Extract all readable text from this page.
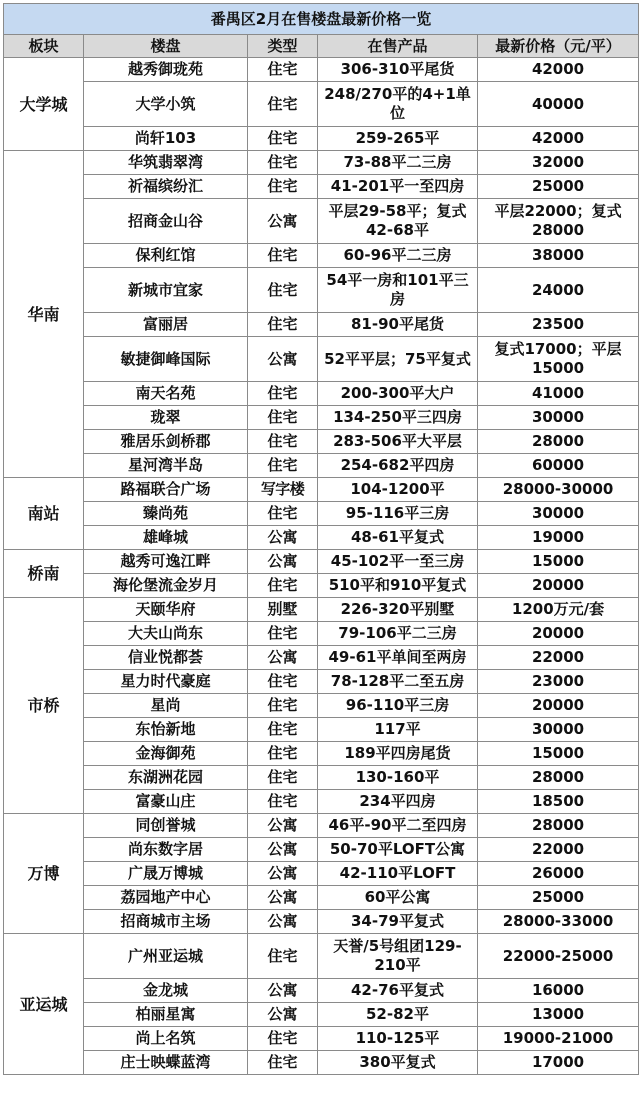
番禺区2月在售楼盘最新价格一览				
板块	楼盘	类型	在售产品	最新价格（元/平）
大学城	越秀御珑苑	住宅	306-310平尾货	42000
	大学小筑	住宅	248/270平的4+1单位	40000
	尚轩103	住宅	259-265平	42000
华南	华筑翡翠湾	住宅	73-88平二三房	32000
	祈福缤纷汇	住宅	41-201平一至四房	25000
	招商金山谷	公寓	平层29-58平；复式42-68平	平层22000；复式28000
	保利红馆	住宅	60-96平二三房	38000
	新城市宜家	住宅	54平一房和101平三房	24000
	富丽居	住宅	81-90平尾货	23500
	敏捷御峰国际	公寓	52平平层；75平复式	复式17000；平层15000
	南天名苑	住宅	200-300平大户	41000
	珑翠	住宅	134-250平三四房	30000
	雅居乐剑桥郡	住宅	283-506平大平层	28000
	星河湾半岛	住宅	254-682平四房	60000
南站	路福联合广场	写字楼	104-1200平	28000-30000
	臻尚苑	住宅	95-116平三房	30000
	雄峰城	公寓	48-61平复式	19000
桥南	越秀可逸江畔	公寓	45-102平一至三房	15000
	海伦堡流金岁月	住宅	510平和910平复式	20000
市桥	天颐华府	别墅	226-320平别墅	1200万元/套
	大夫山尚东	住宅	79-106平二三房	20000
	信业悦都荟	公寓	49-61平单间至两房	22000
	星力时代豪庭	住宅	78-128平二至五房	23000
	星尚	住宅	96-110平三房	20000
	东怡新地	住宅	117平	30000
	金海御苑	住宅	189平四房尾货	15000
	东湖洲花园	住宅	130-160平	28000
	富豪山庄	住宅	234平四房	18500
万博	同创誉城	公寓	46平-90平二至四房	28000
	尚东数字居	公寓	50-70平LOFT公寓	22000
	广晟万博城	公寓	42-110平LOFT	26000
	荔园地产中心	公寓	60平公寓	25000
	招商城市主场	公寓	34-79平复式	28000-33000
亚运城	广州亚运城	住宅	天誉/5号组团129-210平	22000-25000
	金龙城	公寓	42-76平复式	16000
	柏丽星寓	公寓	52-82平	13000
	尚上名筑	住宅	110-125平	19000-21000
	庄士映蝶蓝湾	住宅	380平复式	17000
